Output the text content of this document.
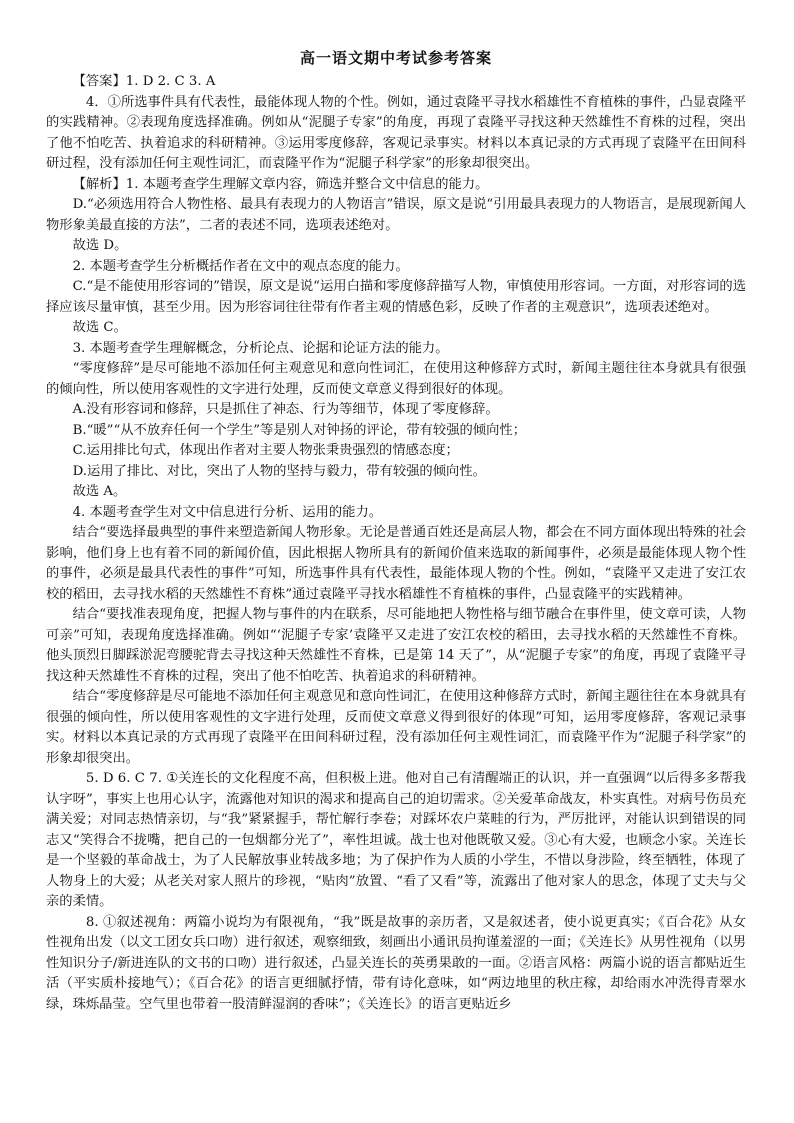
高一语文期中考试参考答案

【答案】1. D 2. C 3. A

4．①所选事件具有代表性，最能体现人物的个性。例如，通过袁隆平寻找水稻雄性不育植株的事件，凸显袁隆平的实践精神。②表现角度选择准确。例如从“泥腿子专家”的角度，再现了袁隆平寻找这种天然雄性不育株的过程，突出了他不怕吃苦、执着追求的科研精神。③运用零度修辞，客观记录事实。材料以本真记录的方式再现了袁隆平在田间科研过程，没有添加任何主观性词汇，而袁隆平作为“泥腿子科学家”的形象却很突出。

【解析】1. 本题考查学生理解文章内容，筛选并整合文中信息的能力。

D.“必须选用符合人物性格、最具有表现力的人物语言”错误，原文是说“引用最具表现力的人物语言，是展现新闻人物形象美最直接的方法”，二者的表述不同，选项表述绝对。

故选 D。

2. 本题考查学生分析概括作者在文中的观点态度的能力。

C.“是不能使用形容词的”错误，原文是说“运用白描和零度修辞描写人物，审慎使用形容词。一方面，对形容词的选择应该尽量审慎，甚至少用。因为形容词往往带有作者主观的情感色彩，反映了作者的主观意识”，选项表述绝对。

故选 C。

3. 本题考查学生理解概念，分析论点、论据和论证方法的能力。

“零度修辞”是尽可能地不添加任何主观意见和意向性词汇，在使用这种修辞方式时，新闻主题往往本身就具有很强的倾向性，所以使用客观性的文字进行处理，反而使文章意义得到很好的体现。

A.没有形容词和修辞，只是抓住了神态、行为等细节，体现了零度修辞。

B.“暖”“从不放弃任何一个学生”等是别人对钟扬的评论，带有较强的倾向性；

C.运用排比句式，体现出作者对主要人物张秉贵强烈的情感态度；

D.运用了排比、对比，突出了人物的坚持与毅力，带有较强的倾向性。

故选 A。

4. 本题考查学生对文中信息进行分析、运用的能力。

结合“要选择最典型的事件来塑造新闻人物形象。无论是普通百姓还是高层人物，都会在不同方面体现出特殊的社会影响，他们身上也有着不同的新闻价值，因此根据人物所具有的新闻价值来选取的新闻事件，必须是最能体现人物个性的事件，必须是最具代表性的事件”可知，所选事件具有代表性，最能体现人物的个性。例如，“袁隆平又走进了安江农校的稻田，去寻找水稻的天然雄性不育株”通过袁隆平寻找水稻雄性不育植株的事件，凸显袁隆平的实践精神。

结合“要找准表现角度，把握人物与事件的内在联系，尽可能地把人物性格与细节融合在事件里，使文章可读，人物可亲”可知，表现角度选择准确。例如“‘泥腿子专家’袁隆平又走进了安江农校的稻田，去寻找水稻的天然雄性不育株。他头顶烈日脚踩淤泥弯腰驼背去寻找这种天然雄性不育株，已是第 14 天了”，从“泥腿子专家”的角度，再现了袁隆平寻找这种天然雄性不育株的过程，突出了他不怕吃苦、执着追求的科研精神。

结合“零度修辞是尽可能地不添加任何主观意见和意向性词汇，在使用这种修辞方式时，新闻主题往往在本身就具有很强的倾向性，所以使用客观性的文字进行处理，反而使文章意义得到很好的体现”可知，运用零度修辞，客观记录事实。材料以本真记录的方式再现了袁隆平在田间科研过程，没有添加任何主观性词汇，而袁隆平作为“泥腿子科学家”的形象却很突出。

5. D 6. C 7. ①关连长的文化程度不高，但积极上进。他对自己有清醒端正的认识，并一直强调“以后得多多帮我认字呀”，事实上也用心认字，流露他对知识的渴求和提高自己的迫切需求。②关爱革命战友，朴实真性。对病号伤员充满关爱；对同志热情亲切，与“我”紧紧握手，帮忙解行李卷；对踩坏农户菜畦的行为，严厉批评，对能认识到错误的同志又“笑得合不拢嘴，把自己的一包烟都分光了”，率性坦诚。战士也对他既敬又爱。③心有大爱，也顾念小家。关连长是一个坚毅的革命战士，为了人民解放事业转战多地；为了保护作为人质的小学生，不惜以身涉险，终至牺牲，体现了人物身上的大爱；从老关对家人照片的珍视，“贴肉”放置、“看了又看”等，流露出了他对家人的思念，体现了丈夫与父亲的柔情。

8. ①叙述视角：两篇小说均为有限视角，“我”既是故事的亲历者，又是叙述者，使小说更真实；《百合花》从女性视角出发（以文工团女兵口吻）进行叙述，观察细致，刻画出小通讯员拘谨羞涩的一面；《关连长》从男性视角（以男性知识分子/新进连队的文书的口吻）进行叙述，凸显关连长的英勇果敢的一面。②语言风格：两篇小说的语言都贴近生活（平实质朴接地气）；《百合花》的语言更细腻抒情，带有诗化意味，如“两边地里的秋庄稼，却给雨水冲洗得青翠水绿，珠烁晶莹。空气里也带着一股清鲜湿润的香味”；《关连长》的语言更贴近乡
